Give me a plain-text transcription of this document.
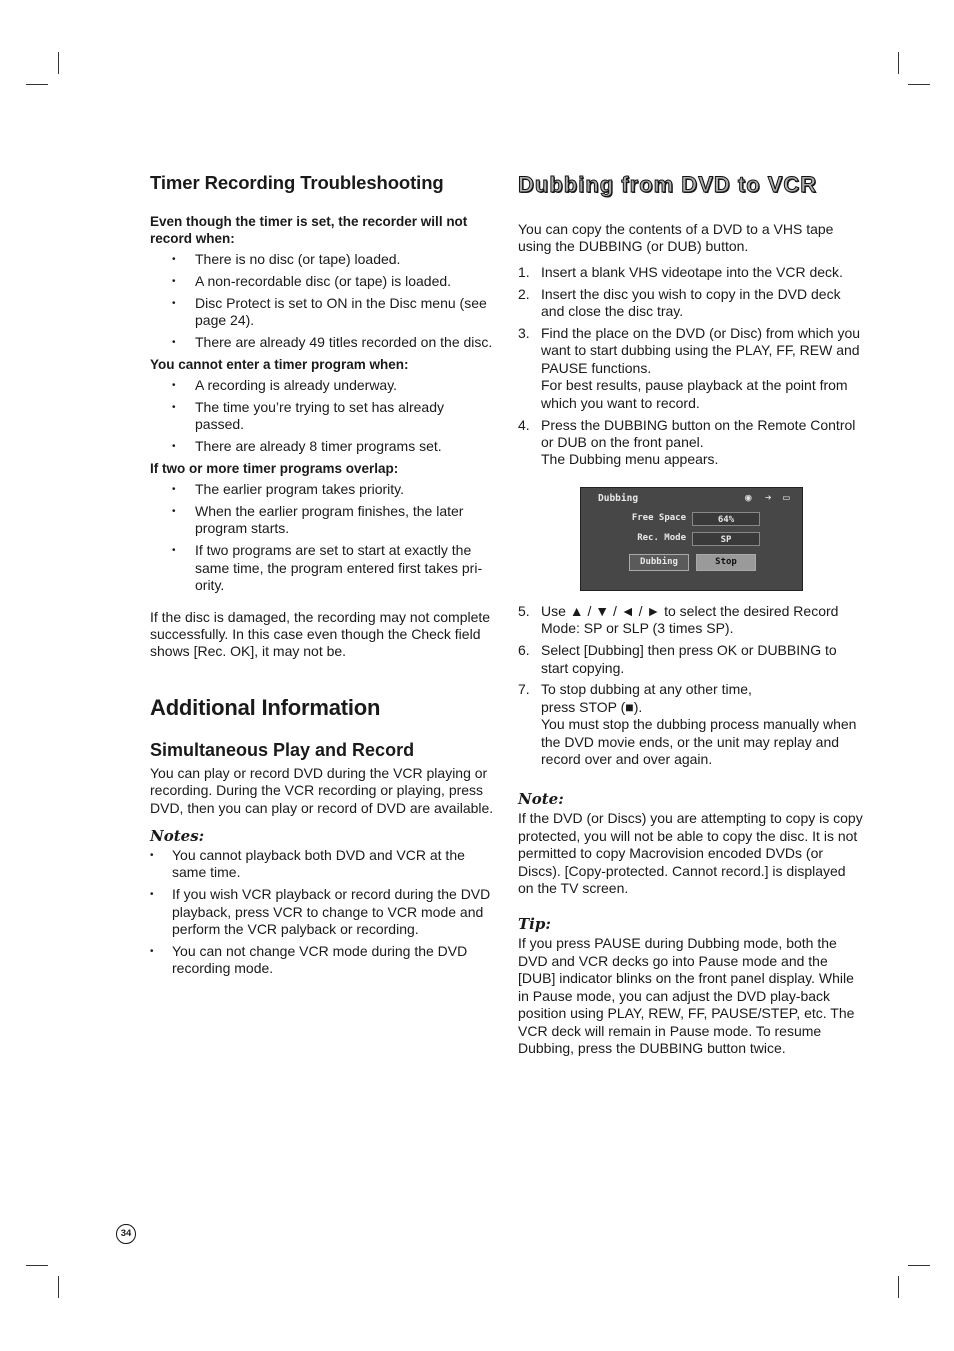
Timer Recording Troubleshooting

Even though the timer is set, the recorder will not record when:

• There is no disc (or tape) loaded.
• A non-recordable disc (or tape) is loaded.
• Disc Protect is set to ON in the Disc menu (see page 24).
• There are already 49 titles recorded on the disc.

You cannot enter a timer program when:

• A recording is already underway.
• The time you’re trying to set has already passed.
• There are already 8 timer programs set.

If two or more timer programs overlap:

• The earlier program takes priority.
• When the earlier program finishes, the later program starts.
• If two programs are set to start at exactly the same time, the program entered first takes pri-ority.

If the disc is damaged, the recording may not complete successfully. In this case even though the Check field shows [Rec. OK], it may not be.

Additional Information
Simultaneous Play and Record

You can play or record DVD during the VCR playing or recording. During the VCR recording or playing, press DVD, then you can play or record of DVD are available.

Notes:

• You cannot playback both DVD and VCR at the same time.
• If you wish VCR playback or record during the DVD playback, press VCR to change to VCR mode and perform the VCR palyback or recording.
• You can not change VCR mode during the DVD recording mode.
Dubbing from DVD to VCR

You can copy the contents of a DVD to a VHS tape using the DUBBING (or DUB) button.

1. Insert a blank VHS videotape into the VCR deck.
2. Insert the disc you wish to copy in the DVD deck and close the disc tray.
3. Find the place on the DVD (or Disc) from which you want to start dubbing using the PLAY, FF, REW and PAUSE functions.
For best results, pause playback at the point from which you want to record.
4. Press the DUBBING button on the Remote Control or DUB on the front panel.
The Dubbing menu appears.
Dubbing	◉ ➔ ▭
Free Space	64%
Rec. Mode	SP
Dubbing	Stop
5. Use ▲ / ▼ / ◄ / ► to select the desired Record Mode: SP or SLP (3 times SP).
6. Select [Dubbing] then press OK or DUBBING to start copying.
7. To stop dubbing at any other time,
press STOP (■).
You must stop the dubbing process manually when the DVD movie ends, or the unit may replay and record over and over again.

Note:

If the DVD (or Discs) you are attempting to copy is copy protected, you will not be able to copy the disc. It is not permitted to copy Macrovision encoded DVDs (or Discs). [Copy-protected. Cannot record.] is displayed on the TV screen.

Tip:

If you press PAUSE during Dubbing mode, both the DVD and VCR decks go into Pause mode and the [DUB] indicator blinks on the front panel display. While in Pause mode, you can adjust the DVD play-back position using PLAY, REW, FF, PAUSE/STEP, etc. The VCR deck will remain in Pause mode. To resume Dubbing, press the DUBBING button twice.

34
